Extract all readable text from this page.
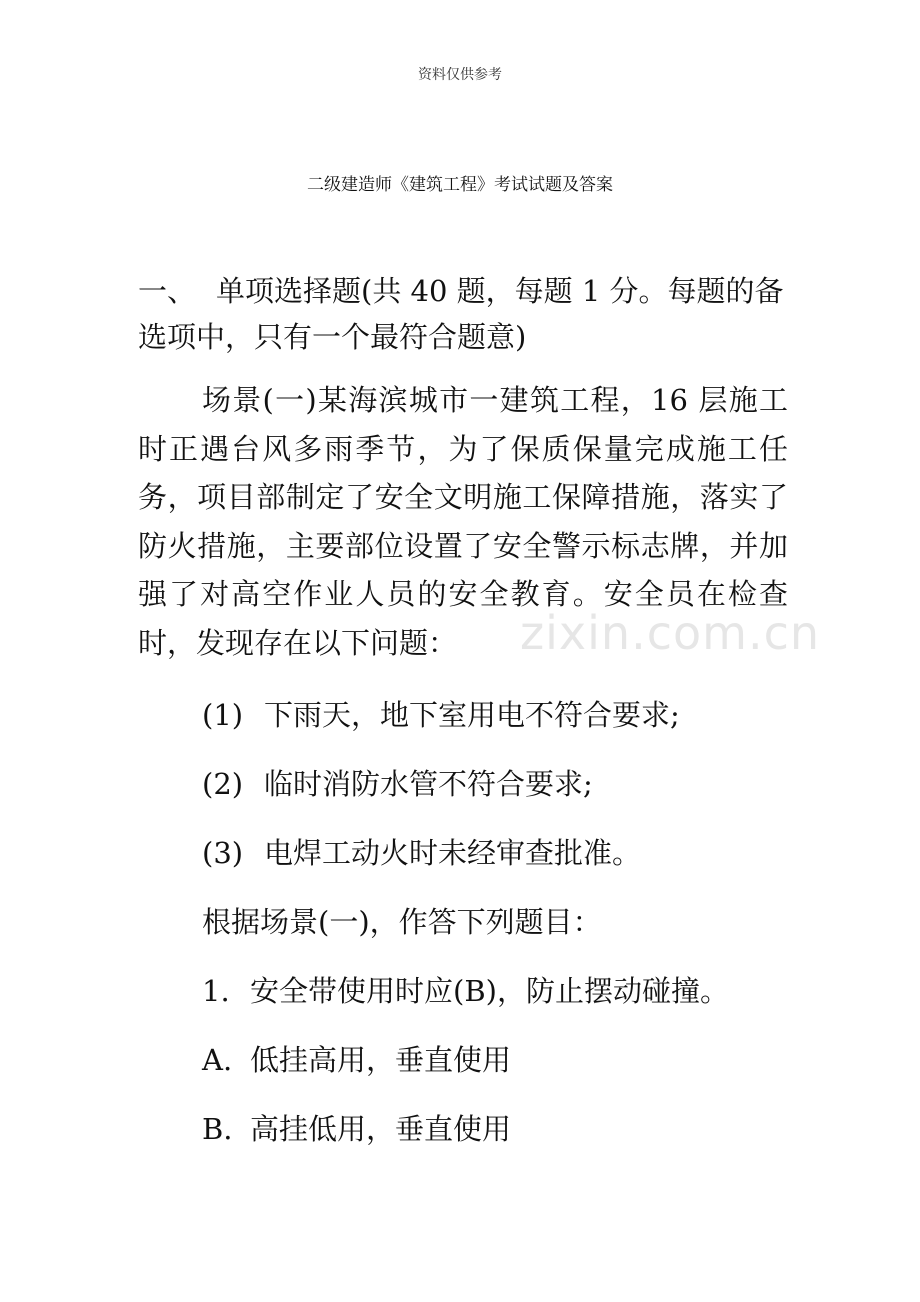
资料仅供参考
二级建造师《建筑工程》考试试题及答案
zixin.com.cn

一、 单项选择题(共 40 题，每题 1 分。每题的备选项中，只有一个最符合题意)

场景(一)某海滨城市一建筑工程，16 层施工时正遇台风多雨季节，为了保质保量完成施工任务，项目部制定了安全文明施工保障措施，落实了防火措施，主要部位设置了安全警示标志牌，并加强了对高空作业人员的安全教育。安全员在检查时，发现存在以下问题：

(1) 下雨天，地下室用电不符合要求;

(2) 临时消防水管不符合要求;

(3) 电焊工动火时未经审查批准。

根据场景(一)，作答下列题目：

1. 安全带使用时应(B)，防止摆动碰撞。

A. 低挂高用，垂直使用

B. 高挂低用，垂直使用
